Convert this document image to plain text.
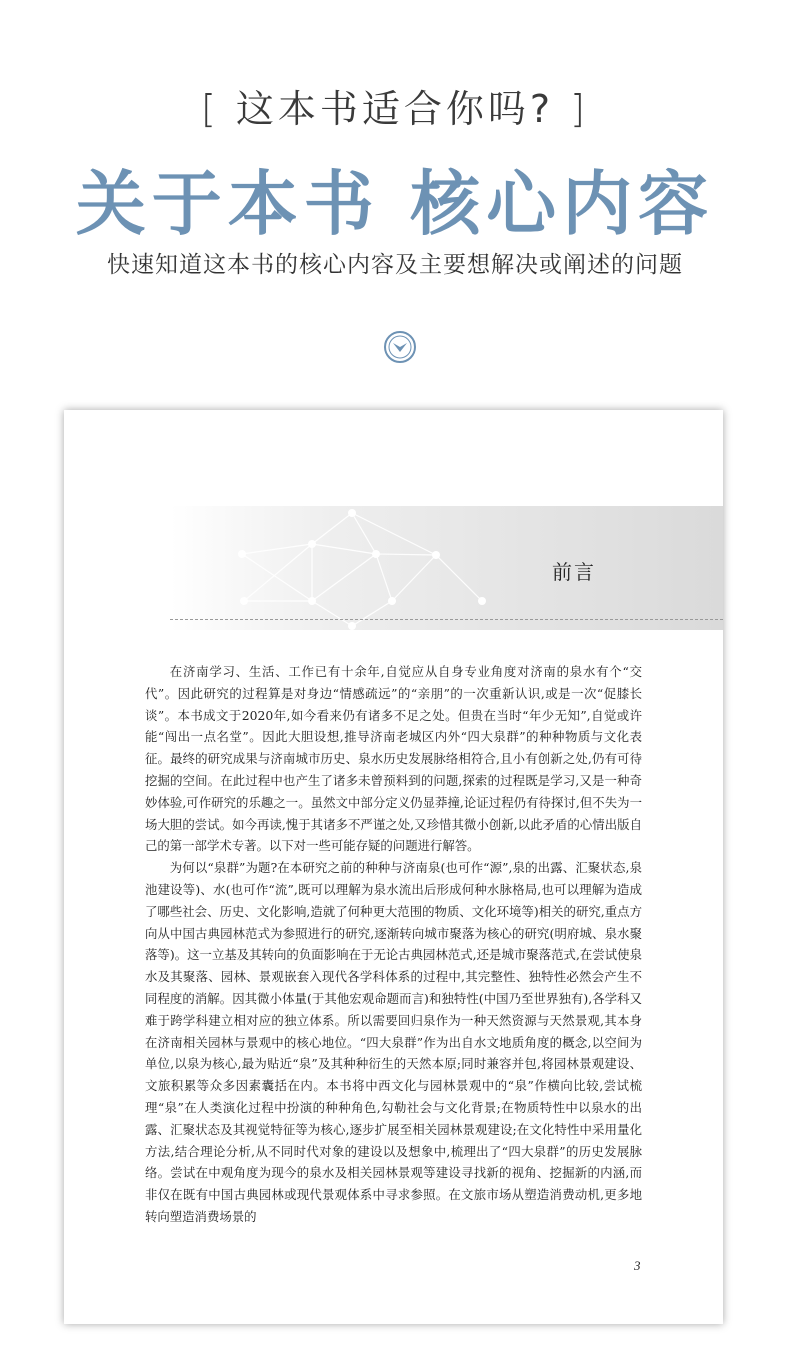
[ 这本书适合你吗? ]
关于本书 核心内容
快速知道这本书的核心内容及主要想解决或阐述的问题
前言

在济南学习、生活、工作已有十余年,自觉应从自身专业角度对济南的泉水有个“交代”。因此研究的过程算是对身边“情感疏远”的“亲朋”的一次重新认识,或是一次“促膝长谈”。本书成文于2020年,如今看来仍有诸多不足之处。但贵在当时“年少无知”,自觉或许能“闯出一点名堂”。因此大胆设想,推导济南老城区内外“四大泉群”的种种物质与文化表征。最终的研究成果与济南城市历史、泉水历史发展脉络相符合,且小有创新之处,仍有可待挖掘的空间。在此过程中也产生了诸多未曾预料到的问题,探索的过程既是学习,又是一种奇妙体验,可作研究的乐趣之一。虽然文中部分定义仍显莽撞,论证过程仍有待探讨,但不失为一场大胆的尝试。如今再读,愧于其诸多不严谨之处,又珍惜其微小创新,以此矛盾的心情出版自己的第一部学术专著。以下对一些可能存疑的问题进行解答。

为何以“泉群”为题?在本研究之前的种种与济南泉(也可作“源”,泉的出露、汇聚状态,泉池建设等)、水(也可作“流”,既可以理解为泉水流出后形成何种水脉格局,也可以理解为造成了哪些社会、历史、文化影响,造就了何种更大范围的物质、文化环境等)相关的研究,重点方向从中国古典园林范式为参照进行的研究,逐渐转向城市聚落为核心的研究(明府城、泉水聚落等)。这一立基及其转向的负面影响在于无论古典园林范式,还是城市聚落范式,在尝试使泉水及其聚落、园林、景观嵌套入现代各学科体系的过程中,其完整性、独特性必然会产生不同程度的消解。因其微小体量(于其他宏观命题而言)和独特性(中国乃至世界独有),各学科又难于跨学科建立相对应的独立体系。所以需要回归泉作为一种天然资源与天然景观,其本身在济南相关园林与景观中的核心地位。“四大泉群”作为出自水文地质角度的概念,以空间为单位,以泉为核心,最为贴近“泉”及其种种衍生的天然本原;同时兼容并包,将园林景观建设、文旅积累等众多因素囊括在内。本书将中西文化与园林景观中的“泉”作横向比较,尝试梳理“泉”在人类演化过程中扮演的种种角色,勾勒社会与文化背景;在物质特性中以泉水的出露、汇聚状态及其视觉特征等为核心,逐步扩展至相关园林景观建设;在文化特性中采用量化方法,结合理论分析,从不同时代对象的建设以及想象中,梳理出了“四大泉群”的历史发展脉络。尝试在中观角度为现今的泉水及相关园林景观等建设寻找新的视角、挖掘新的内涵,而非仅在既有中国古典园林或现代景观体系中寻求参照。在文旅市场从塑造消费动机,更多地转向塑造消费场景的

3
